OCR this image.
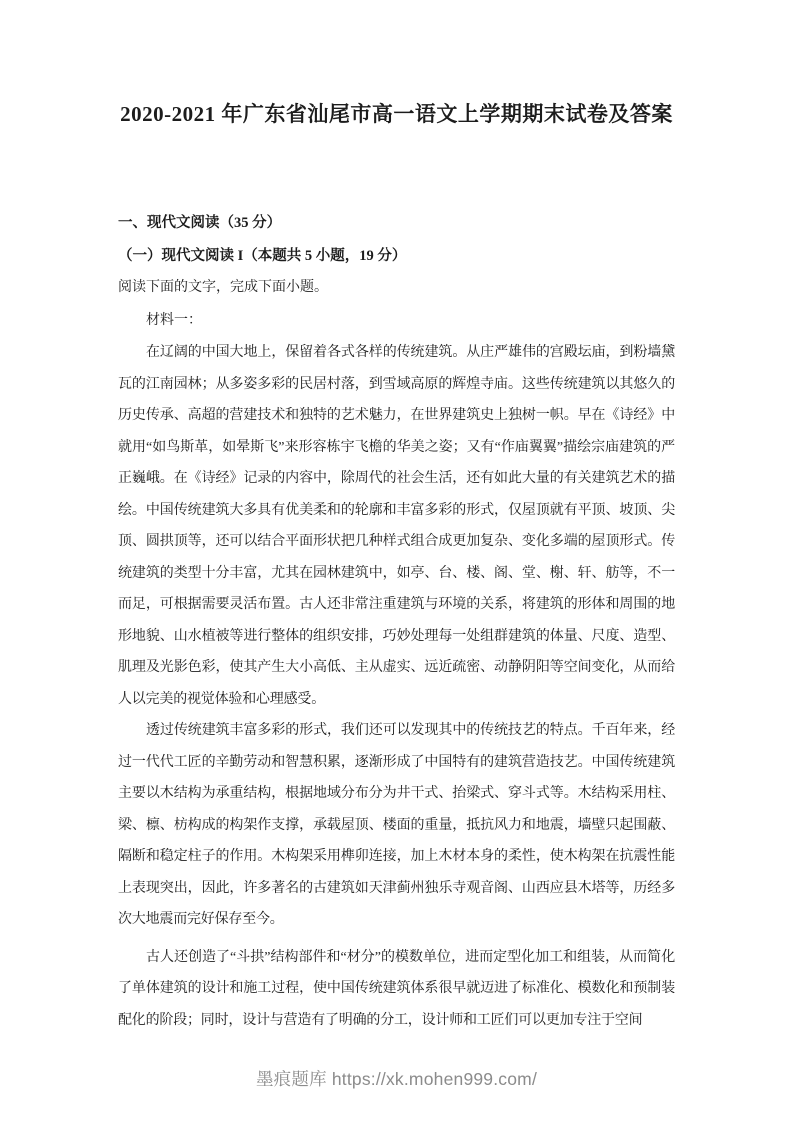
2020-2021 年广东省汕尾市高一语文上学期期末试卷及答案
一、现代文阅读（35 分）
（一）现代文阅读 I（本题共 5 小题，19 分）
阅读下面的文字，完成下面小题。
材料一：

在辽阔的中国大地上，保留着各式各样的传统建筑。从庄严雄伟的宫殿坛庙，到粉墙黛瓦的江南园林；从多姿多彩的民居村落，到雪域高原的辉煌寺庙。这些传统建筑以其悠久的历史传承、高超的营建技术和独特的艺术魅力，在世界建筑史上独树一帜。早在《诗经》中就用“如鸟斯革，如晕斯飞”来形容栋宇飞檐的华美之姿；又有“作庙翼翼”描绘宗庙建筑的严正巍峨。在《诗经》记录的内容中，除周代的社会生活，还有如此大量的有关建筑艺术的描绘。中国传统建筑大多具有优美柔和的轮廓和丰富多彩的形式，仅屋顶就有平顶、坡顶、尖顶、圆拱顶等，还可以结合平面形状把几种样式组合成更加复杂、变化多端的屋顶形式。传统建筑的类型十分丰富，尤其在园林建筑中，如亭、台、楼、阁、堂、榭、轩、舫等，不一而足，可根据需要灵活布置。古人还非常注重建筑与环境的关系，将建筑的形体和周围的地形地貌、山水植被等进行整体的组织安排，巧妙处理每一处组群建筑的体量、尺度、造型、肌理及光影色彩，使其产生大小高低、主从虚实、远近疏密、动静阴阳等空间变化，从而给人以完美的视觉体验和心理感受。

透过传统建筑丰富多彩的形式，我们还可以发现其中的传统技艺的特点。千百年来，经过一代代工匠的辛勤劳动和智慧积累，逐渐形成了中国特有的建筑营造技艺。中国传统建筑主要以木结构为承重结构，根据地域分布分为井干式、抬梁式、穿斗式等。木结构采用柱、梁、檩、枋构成的构架作支撑，承载屋顶、楼面的重量，抵抗风力和地震，墙壁只起围蔽、隔断和稳定柱子的作用。木构架采用榫卯连接，加上木材本身的柔性，使木构架在抗震性能上表现突出，因此，许多著名的古建筑如天津蓟州独乐寺观音阁、山西应县木塔等，历经多次大地震而完好保存至今。

古人还创造了“斗拱”结构部件和“材分”的模数单位，进而定型化加工和组装，从而简化了单体建筑的设计和施工过程，使中国传统建筑体系很早就迈进了标准化、模数化和预制装配化的阶段；同时，设计与营造有了明确的分工，设计师和工匠们可以更加专注于空间

墨痕题库 https://xk.mohen999.com/
